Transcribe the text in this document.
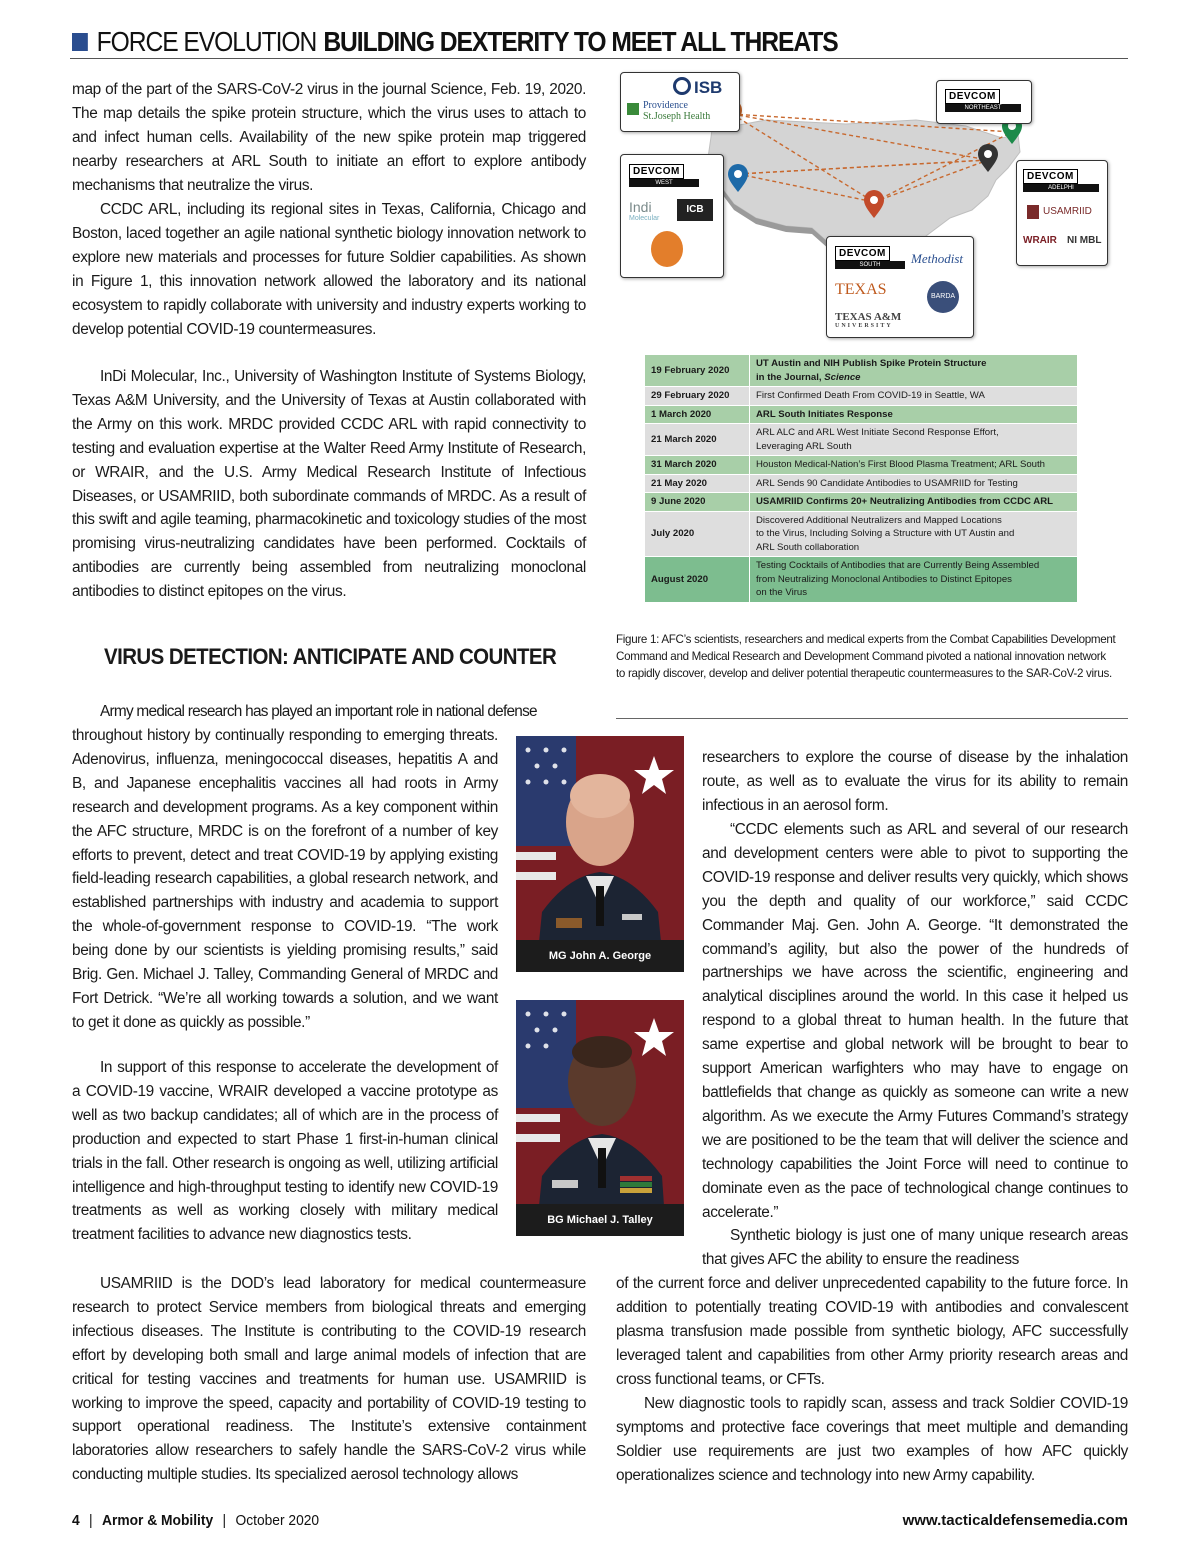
FORCE EVOLUTION BUILDING DEXTERITY TO MEET ALL THREATS

map of the part of the SARS-CoV-2 virus in the journal Science, Feb. 19, 2020. The map details the spike protein structure, which the virus uses to attach to and infect human cells. Availability of the new spike protein map triggered nearby researchers at ARL South to initiate an effort to explore antibody mechanisms that neutralize the virus.

CCDC ARL, including its regional sites in Texas, California, Chicago and Boston, laced together an agile national synthetic biology innovation network to explore new materials and processes for future Soldier capabilities. As shown in Figure 1, this innovation network allowed the laboratory and its national ecosystem to rapidly collaborate with university and industry experts working to develop potential COVID-19 countermeasures.

InDi Molecular, Inc., University of Washington Institute of Systems Biology, Texas A&M University, and the University of Texas at Austin collaborated with the Army on this work. MRDC provided CCDC ARL with rapid connectivity to testing and evaluation expertise at the Walter Reed Army Institute of Research, or WRAIR, and the U.S. Army Medical Research Institute of Infectious Diseases, or USAMRIID, both subordinate commands of MRDC. As a result of this swift and agile teaming, pharmacokinetic and toxicology studies of the most promising virus-neutralizing candidates have been performed. Cocktails of antibodies are currently being assembled from neutralizing monoclonal antibodies to distinct epitopes on the virus.

VIRUS DETECTION: ANTICIPATE AND COUNTER

Army medical research has played an important role in national defense

throughout history by continually responding to emerging threats. Adenovirus, influenza, meningococcal diseases, hepatitis A and B, and Japanese encephalitis vaccines all had roots in Army research and development programs. As a key component within the AFC structure, MRDC is on the forefront of a number of key efforts to prevent, detect and treat COVID-19 by applying existing field-leading research capabilities, a global research network, and established partnerships with industry and academia to support the whole-of-government response to COVID-19. “The work being done by our scientists is yielding promising results,” said Brig. Gen. Michael J. Talley, Commanding General of MRDC and Fort Detrick. “We’re all working towards a solution, and we want to get it done as quickly as possible.”

In support of this response to accelerate the development of a COVID-19 vaccine, WRAIR developed a vaccine prototype as well as two backup candidates; all of which are in the process of production and expected to start Phase 1 first-in-human clinical trials in the fall. Other research is ongoing as well, utilizing artificial intelligence and high-throughput testing to identify new COVID-19 treatments as well as working closely with military medical treatment facilities to advance new diagnostics tests.

USAMRIID is the DOD’s lead laboratory for medical countermeasure research to protect Service members from biological threats and emerging infectious diseases. The Institute is contributing to the COVID-19 research effort by developing both small and large animal models of infection that are critical for testing vaccines and treatments for human use. USAMRIID is working to improve the speed, capacity and portability of COVID-19 testing to support operational readiness. The Institute’s extensive containment laboratories allow researchers to safely handle the SARS-CoV-2 virus while conducting multiple studies. Its specialized aerosol technology allows

MG John A. George
BG Michael J. Talley

researchers to explore the course of disease by the inhalation route, as well as to evaluate the virus for its ability to remain infectious in an aerosol form.

“CCDC elements such as ARL and several of our research and development centers were able to pivot to supporting the COVID-19 response and deliver results very quickly, which shows you the depth and quality of our workforce,” said CCDC Commander Maj. Gen. John A. George. “It demonstrated the command’s agility, but also the power of the hundreds of partnerships we have across the scientific, engineering and analytical disciplines around the world. In this case it helped us respond to a global threat to human health. In the future that same expertise and global network will be brought to bear to support American warfighters who may have to engage on battlefields that change as quickly as someone can write a new algorithm. As we execute the Army Futures Command’s strategy we are positioned to be the team that will deliver the science and technology capabilities the Joint Force will need to continue to dominate even as the pace of technological change continues to accelerate.”

Synthetic biology is just one of many unique research areas that gives AFC the ability to ensure the readiness

of the current force and deliver unprecedented capability to the future force. In addition to potentially treating COVID-19 with antibodies and convalescent plasma transfusion made possible from synthetic biology, AFC successfully leveraged talent and capabilities from other Army priority research areas and cross functional teams, or CFTs.

New diagnostic tools to rapidly scan, assess and track Soldier COVID-19 symptoms and protective face coverings that meet multiple and demanding Soldier use requirements are just two examples of how AFC quickly operationalizes science and technology into new Army capability.

ISB
Providence
St.Joseph Health
DEVCOM
WEST
Indi
Molecular
ICB
DEVCOM
NORTHEAST
DEVCOM
ADELPHI
USAMRIID
WRAIR NI MBL
DEVCOM
SOUTH	Methodist
TEXAS	BARDA
TEXAS A&M
UNIVERSITY
19 February 2020	UT Austin and NIH Publish Spike Protein Structure
in the Journal, Science

29 February 2020	First Confirmed Death From COVID-19 in Seattle, WA

1 March 2020	ARL South Initiates Response

21 March 2020	ARL ALC and ARL West Initiate Second Response Effort,
Leveraging ARL South

31 March 2020	Houston Medical-Nation’s First Blood Plasma Treatment; ARL South

21 May 2020	ARL Sends 90 Candidate Antibodies to USAMRIID for Testing

9 June 2020	USAMRIID Confirms 20+ Neutralizing Antibodies from CCDC ARL

July 2020	Discovered Additional Neutralizers and Mapped Locations
to the Virus, Including Solving a Structure with UT Austin and
ARL South collaboration

August 2020	Testing Cocktails of Antibodies that are Currently Being Assembled
from Neutralizing Monoclonal Antibodies to Distinct Epitopes
on the Virus

Figure 1: AFC’s scientists, researchers and medical experts from the Combat Capabilities Development Command and Medical Research and Development Command pivoted a national innovation network to rapidly discover, develop and deliver potential therapeutic countermeasures to the SAR-CoV-2 virus.

4 | Armor & Mobility | October 2020	www.tacticaldefensemedia.com
